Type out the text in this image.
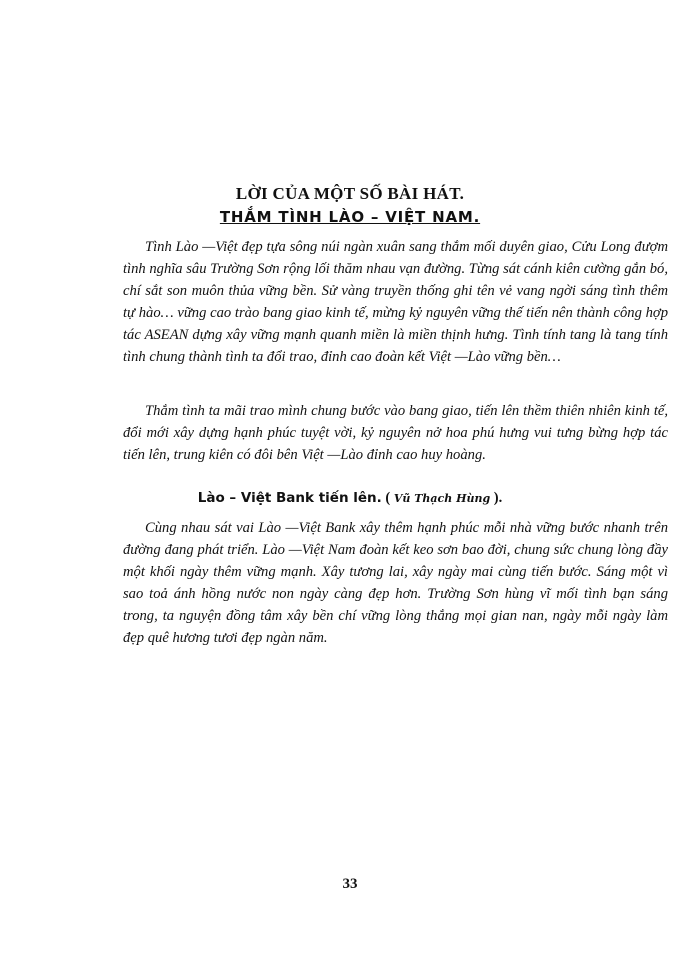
LỜI CỦA MỘT SỐ BÀI HÁT.
THẮM TÌNH LÀO – VIỆT NAM.

Tình Lào —Việt đẹp tựa sông núi ngàn xuân sang thắm mối duyên giao, Cửu Long đượm tình nghĩa sâu Trường Sơn rộng lối thăm nhau vạn đường. Từng sát cánh kiên cường gắn bó, chí sắt son muôn thủa vững bền. Sử vàng truyền thống ghi tên vẻ vang ngời sáng tình thêm tự hào… vững cao trào bang giao kinh tế, mừng kỷ nguyên vững thế tiến nên thành công hợp tác ASEAN dựng xây vững mạnh quanh miền là miền thịnh hưng. Tình tính tang là tang tính tình chung thành tình ta đổi trao, đỉnh cao đoàn kết Việt —Lào vững bền…

Thắm tình ta mãi trao mình chung bước vào bang giao, tiến lên thềm thiên nhiên kinh tế, đổi mới xây dựng hạnh phúc tuyệt vời, kỷ nguyên nở hoa phú hưng vui tưng bừng hợp tác tiến lên, trung kiên có đôi bên Việt —Lào đỉnh cao huy hoàng.

Lào – Việt Bank tiến lên. ( Vũ Thạch Hùng ).

Cùng nhau sát vai Lào —Việt Bank xây thêm hạnh phúc mỗi nhà vững bước nhanh trên đường đang phát triển. Lào —Việt Nam đoàn kết keo sơn bao đời, chung sức chung lòng đầy một khối ngày thêm vững mạnh. Xây tương lai, xây ngày mai cùng tiến bước. Sáng một vì sao toả ánh hồng nước non ngày càng đẹp hơn. Trường Sơn hùng vĩ mối tình bạn sáng trong, ta nguyện đồng tâm xây bền chí vững lòng thắng mọi gian nan, ngày mỗi ngày làm đẹp quê hương tươi đẹp ngàn năm.

33
